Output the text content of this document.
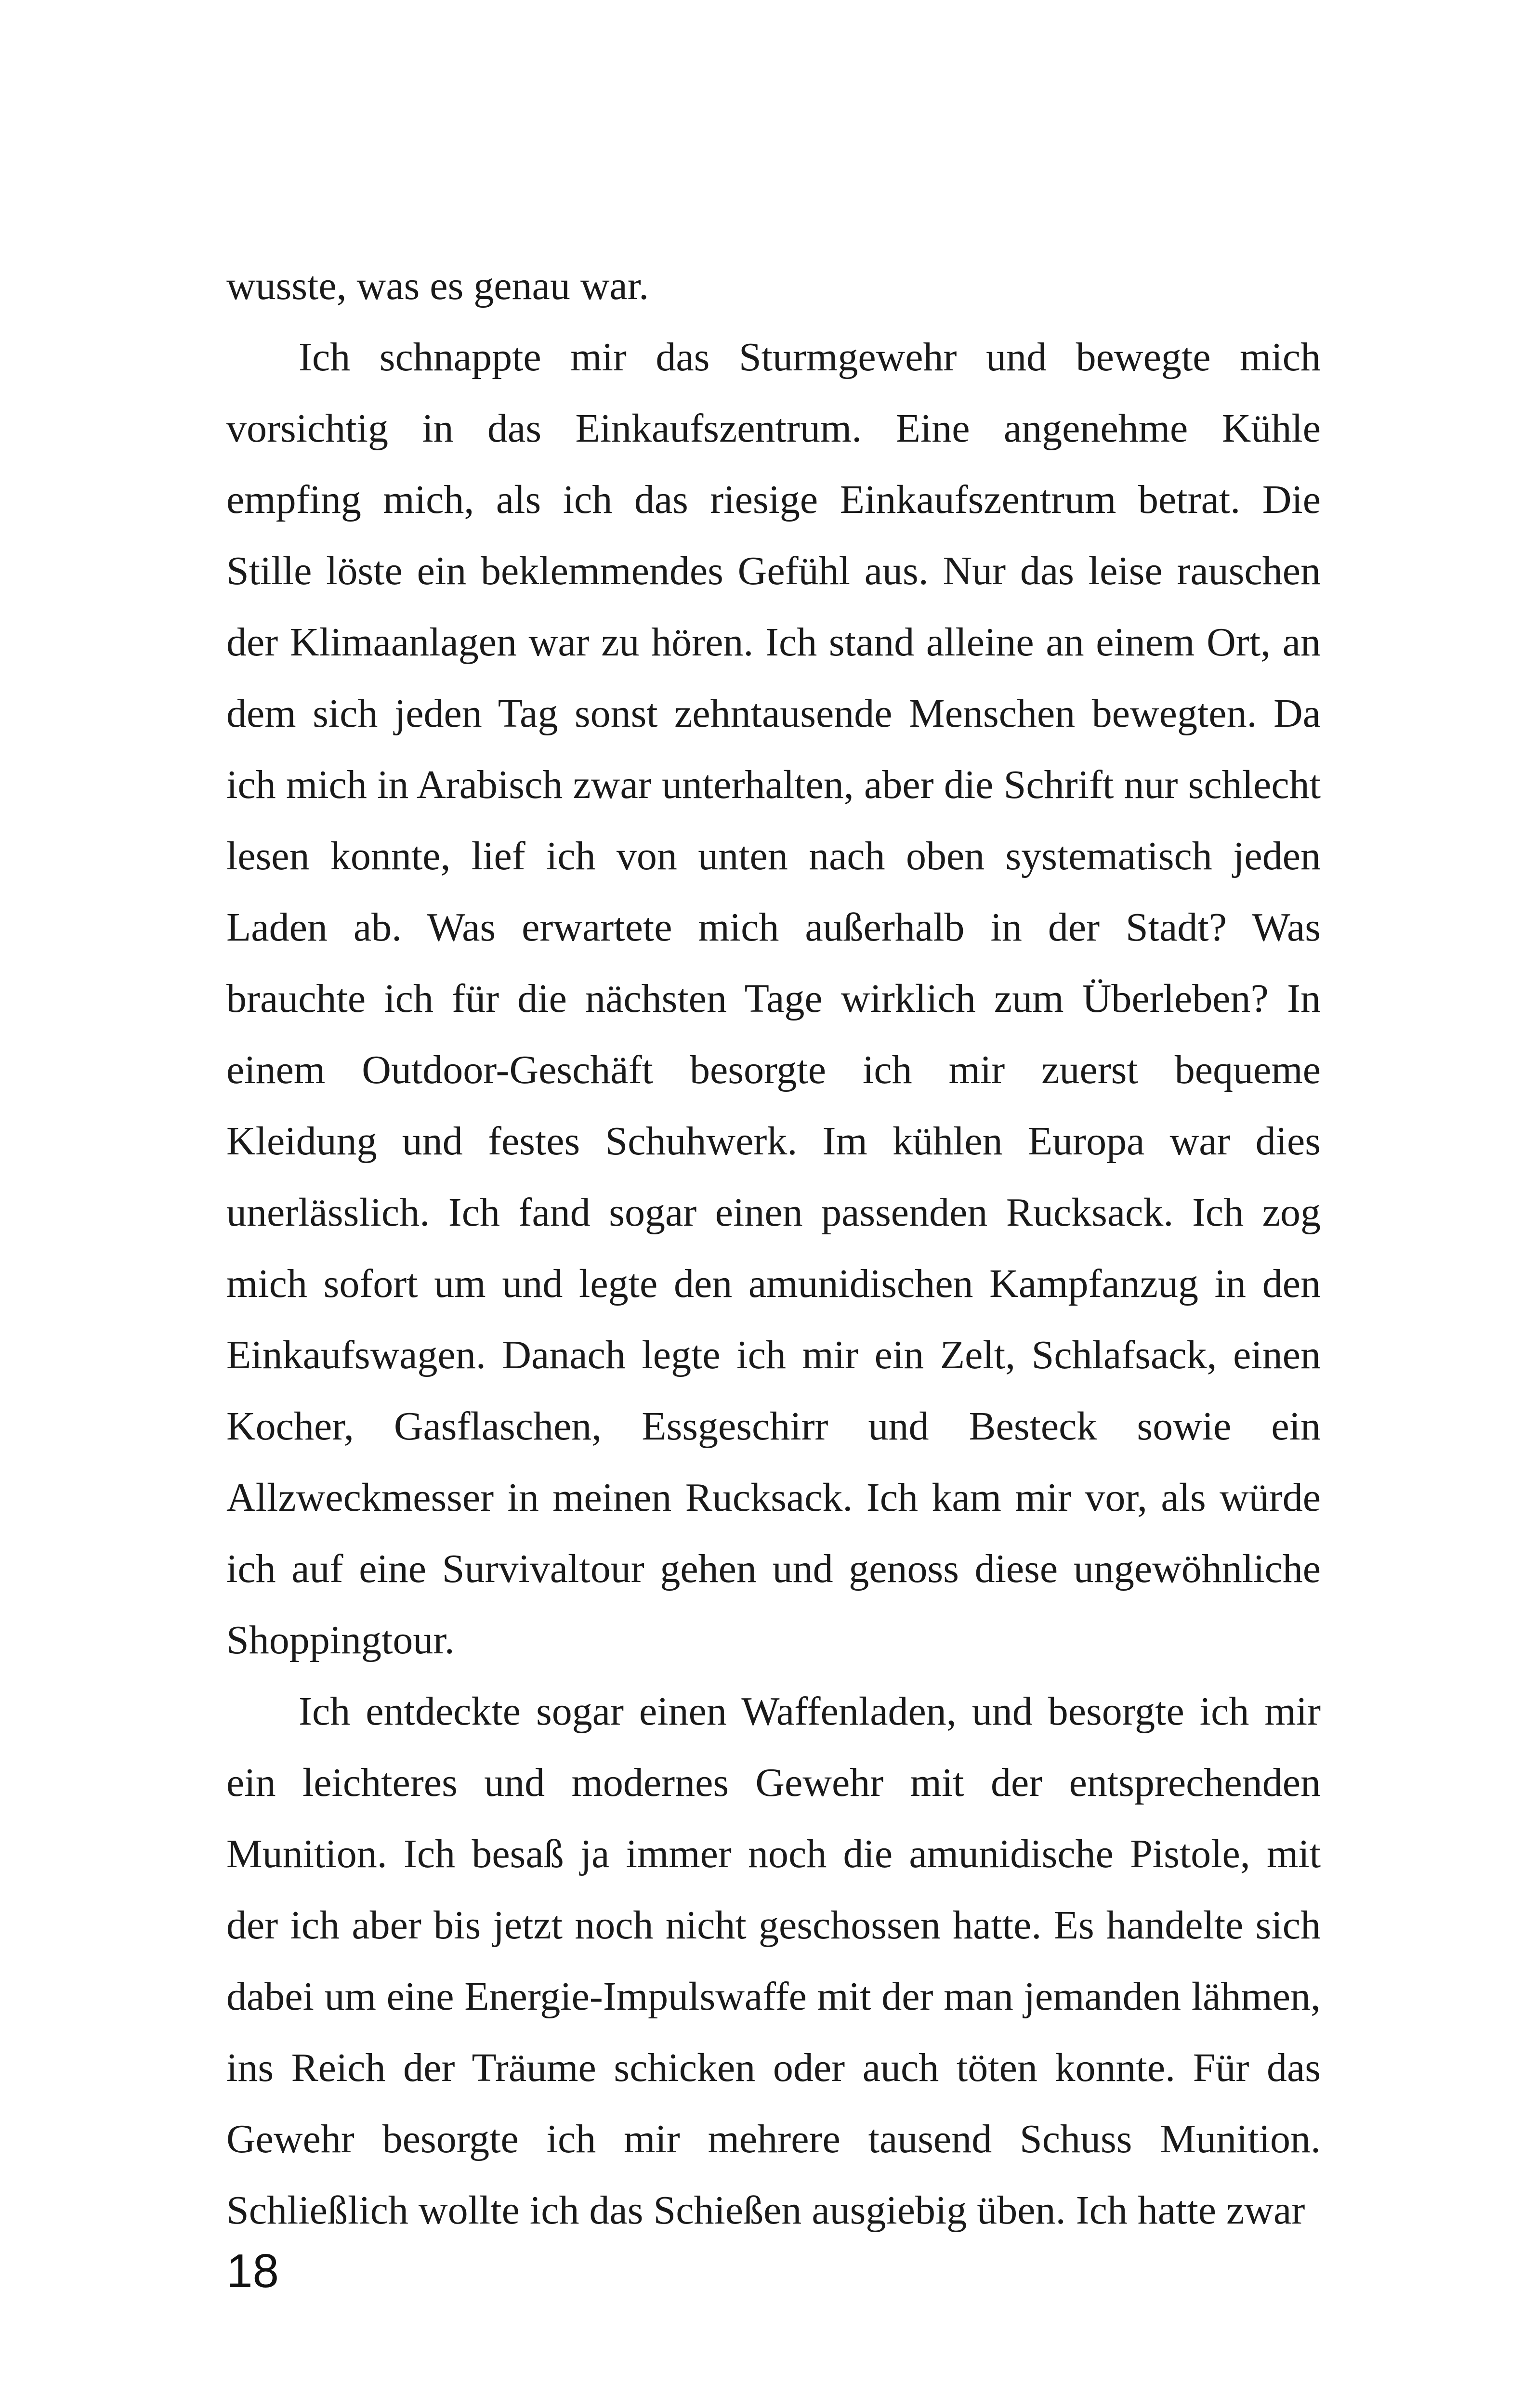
wusste, was es genau war.

Ich schnappte mir das Sturmgewehr und bewegte mich vorsichtig in das Einkaufszentrum. Eine angenehme Kühle empfing mich, als ich das riesige Einkaufszentrum betrat. Die Stille löste ein beklemmendes Gefühl aus. Nur das leise rauschen der Klimaanlagen war zu hören. Ich stand alleine an einem Ort, an dem sich jeden Tag sonst zehntausende Menschen bewegten. Da ich mich in Arabisch zwar unterhalten, aber die Schrift nur schlecht lesen konnte, lief ich von unten nach oben systematisch jeden Laden ab. Was erwartete mich außerhalb in der Stadt? Was brauchte ich für die nächsten Tage wirklich zum Überleben? In einem Outdoor-Geschäft besorgte ich mir zuerst bequeme Kleidung und festes Schuhwerk. Im kühlen Europa war dies unerlässlich. Ich fand sogar einen passenden Rucksack. Ich zog mich sofort um und legte den amunidischen Kampfanzug in den Einkaufswagen. Danach legte ich mir ein Zelt, Schlafsack, einen Kocher, Gasflaschen, Essgeschirr und Besteck sowie ein Allzweckmesser in meinen Rucksack. Ich kam mir vor, als würde ich auf eine Survivaltour gehen und genoss diese ungewöhnliche Shoppingtour.

Ich entdeckte sogar einen Waffenladen, und besorgte ich mir ein leichteres und modernes Gewehr mit der entsprechenden Munition. Ich besaß ja immer noch die amunidische Pistole, mit der ich aber bis jetzt noch nicht geschossen hatte. Es handelte sich dabei um eine Energie-Impulswaffe mit der man jemanden lähmen, ins Reich der Träume schicken oder auch töten konnte. Für das Gewehr besorgte ich mir mehrere tausend Schuss Munition. Schließlich wollte ich das Schießen ausgiebig üben. Ich hatte zwar

18
